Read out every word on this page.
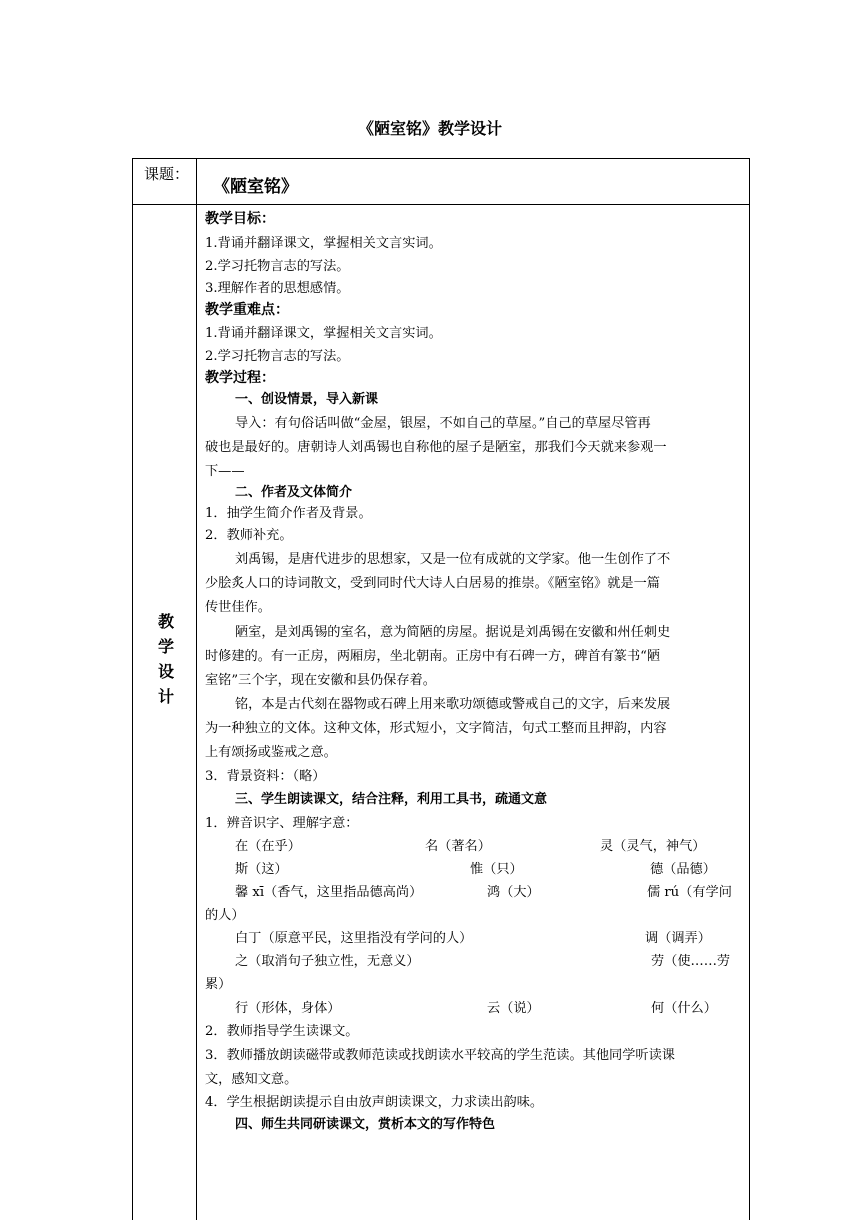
《陋室铭》教学设计
课题：
《陋室铭》
教
学
设
计
教学目标：
1.背诵并翻译课文，掌握相关文言实词。
2.学习托物言志的写法。
3.理解作者的思想感情。
教学重难点：
1.背诵并翻译课文，掌握相关文言实词。
2.学习托物言志的写法。
教学过程：
一、创设情景，导入新课
导入：有句俗话叫做“金屋，银屋，不如自己的草屋。”自己的草屋尽管再
破也是最好的。唐朝诗人刘禹锡也自称他的屋子是陋室，那我们今天就来参观一
下——
二、作者及文体简介
1．抽学生简介作者及背景。
2．教师补充。
刘禹锡，是唐代进步的思想家，又是一位有成就的文学家。他一生创作了不
少脍炙人口的诗词散文，受到同时代大诗人白居易的推崇。《陋室铭》就是一篇
传世佳作。
陋室，是刘禹锡的室名，意为简陋的房屋。据说是刘禹锡在安徽和州任刺史
时修建的。有一正房，两厢房，坐北朝南。正房中有石碑一方，碑首有篆书“陋
室铭”三个字，现在安徽和县仍保存着。
铭，本是古代刻在器物或石碑上用来歌功颂德或警戒自己的文字，后来发展
为一种独立的文体。这种文体，形式短小，文字简洁，句式工整而且押韵，内容
上有颂扬或鉴戒之意。
3．背景资料：（略）
三、学生朗读课文，结合注释，利用工具书，疏通文意
1．辨音识字、理解字意：
在（在乎）	名（著名）	灵（灵气，神气）
斯（这）	惟（只）	德（品德）
馨 xī（香气，这里指品德高尚）	鸿（大）	儒 rú（有学问
的人）
白丁（原意平民，这里指没有学问的人）	调（调弄）
之（取消句子独立性，无意义）	劳（使……劳
累）
行（形体，身体）	云（说）	何（什么）
2．教师指导学生读课文。
3．教师播放朗读磁带或教师范读或找朗读水平较高的学生范读。其他同学听读课
文，感知文意。
4．学生根据朗读提示自由放声朗读课文，力求读出韵味。
四、师生共同研读课文，赏析本文的写作特色
